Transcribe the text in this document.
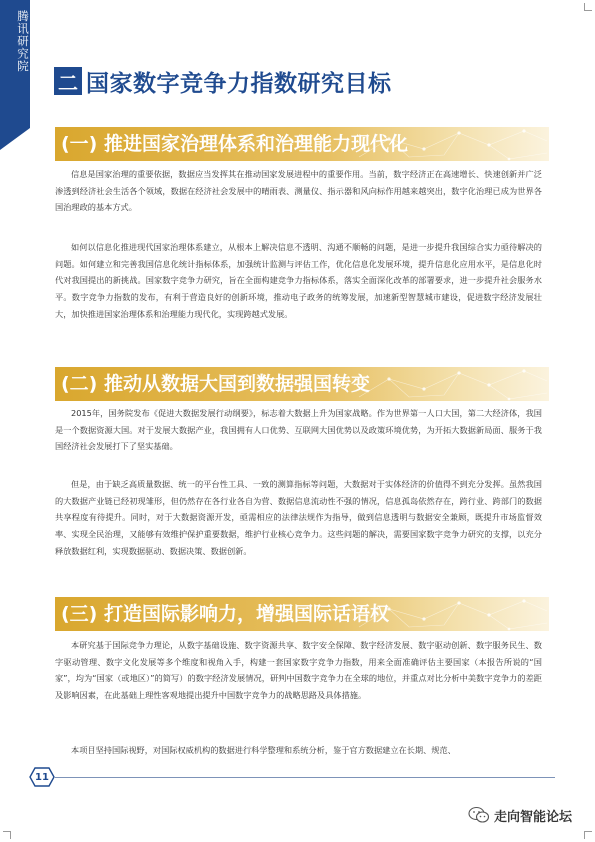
腾讯研究院
二 国家数字竞争力指数研究目标
(一) 推进国家治理体系和治理能力现代化

信息是国家治理的重要依据，数据应当发挥其在推动国家发展进程中的重要作用。当前，数字经济正在高速增长、快速创新并广泛渗透到经济社会生活各个领域，数据在经济社会发展中的晴雨表、测量仪、指示器和风向标作用越来越突出，数字化治理已成为世界各国治理政的基本方式。

如何以信息化推进现代国家治理体系建立，从根本上解决信息不透明、沟通不顺畅的问题，是进一步提升我国综合实力亟待解决的问题。如何建立和完善我国信息化统计指标体系，加强统计监测与评估工作，优化信息化发展环境，提升信息化应用水平，是信息化时代对我国提出的新挑战。国家数字竞争力研究，旨在全面构建竞争力指标体系，落实全面深化改革的部署要求，进一步提升社会服务水平。数字竞争力指数的发布，有利于营造良好的创新环境，推动电子政务的统筹发展，加速新型智慧城市建设，促进数字经济发展壮大，加快推进国家治理体系和治理能力现代化，实现跨越式发展。

(二) 推动从数据大国到数据强国转变

2015年，国务院发布《促进大数据发展行动纲要》，标志着大数据上升为国家战略。作为世界第一人口大国，第二大经济体，我国是一个数据资源大国。对于发展大数据产业，我国拥有人口优势、互联网大国优势以及政策环境优势，为开拓大数据新局面、服务于我国经济社会发展打下了坚实基础。

但是，由于缺乏高质量数据、统一的平台性工具、一致的测算指标等问题，大数据对于实体经济的价值得不到充分发挥。虽然我国的大数据产业链已经初现雏形，但仍然存在各行业各自为营、数据信息流动性不强的情况，信息孤岛依然存在，跨行业、跨部门的数据共享程度有待提升。同时，对于大数据资源开发，亟需相应的法律法规作为指导，做到信息透明与数据安全兼顾，既提升市场监督效率、实现全民治理，又能够有效维护保护重要数据，维护行业核心竞争力。这些问题的解决，需要国家数字竞争力研究的支撑，以充分释放数据红利，实现数据驱动、数据决策、数据创新。

(三) 打造国际影响力，增强国际话语权

本研究基于国际竞争力理论，从数字基础设施、数字资源共享、数字安全保障、数字经济发展、数字驱动创新、数字服务民生、数字驱动管理、数字文化发展等多个维度和视角入手，构建一套国家数字竞争力指数，用来全面准确评估主要国家（本报告所说的“国家”，均为“国家（或地区）”的简写）的数字经济发展情况，研判中国数字竞争力在全球的地位，并重点对比分析中美数字竞争力的差距及影响因素，在此基础上理性客观地提出提升中国数字竞争力的战略思路及具体措施。

本项目坚持国际视野，对国际权威机构的数据进行科学整理和系统分析，鉴于官方数据建立在长期、规范、

11
走向智能论坛
